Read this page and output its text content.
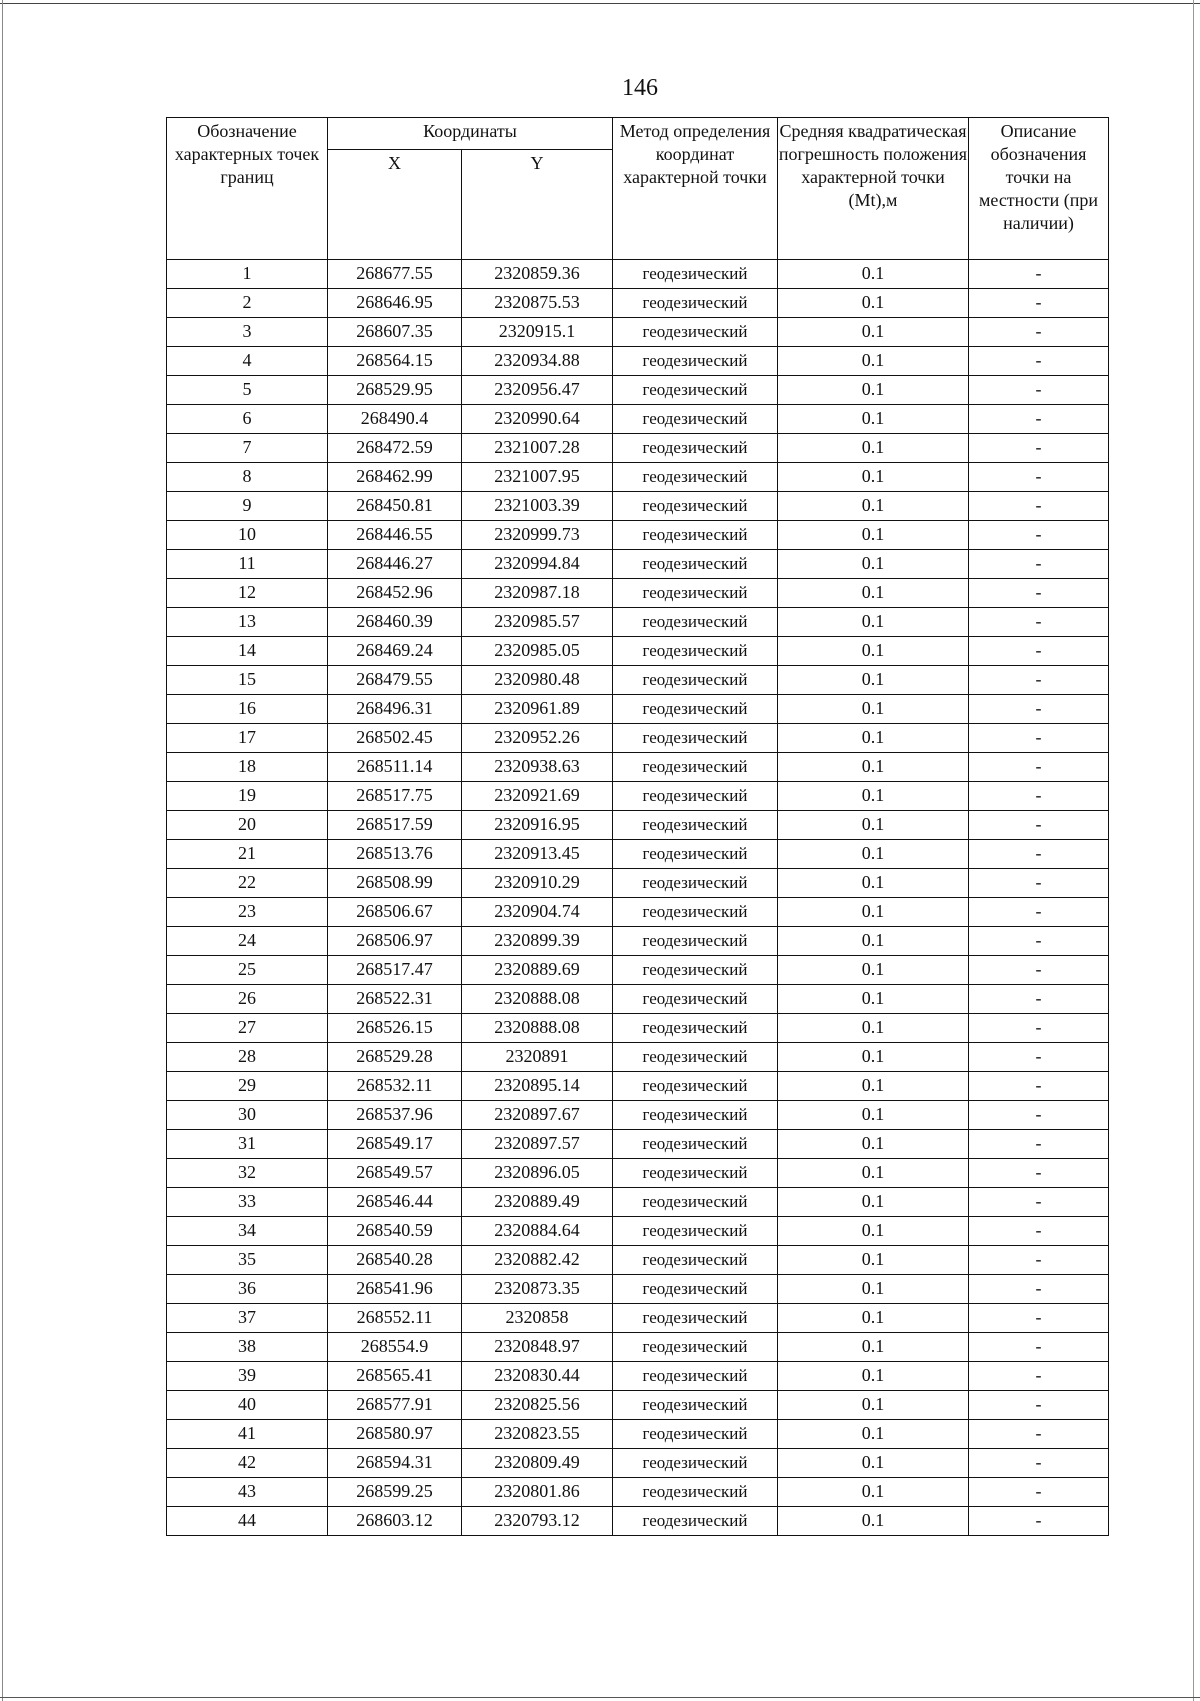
146
Обозначение характерных точек границ	Координаты		Метод определения координат характерной точки	Средняя квадратическая погрешность положения характерной точки (Mt),м	Описание обозначения точки на местности (при наличии)
	X	Y			
1	268677.55	2320859.36	геодезический	0.1	-
2	268646.95	2320875.53	геодезический	0.1	-
3	268607.35	2320915.1	геодезический	0.1	-
4	268564.15	2320934.88	геодезический	0.1	-
5	268529.95	2320956.47	геодезический	0.1	-
6	268490.4	2320990.64	геодезический	0.1	-
7	268472.59	2321007.28	геодезический	0.1	-
8	268462.99	2321007.95	геодезический	0.1	-
9	268450.81	2321003.39	геодезический	0.1	-
10	268446.55	2320999.73	геодезический	0.1	-
11	268446.27	2320994.84	геодезический	0.1	-
12	268452.96	2320987.18	геодезический	0.1	-
13	268460.39	2320985.57	геодезический	0.1	-
14	268469.24	2320985.05	геодезический	0.1	-
15	268479.55	2320980.48	геодезический	0.1	-
16	268496.31	2320961.89	геодезический	0.1	-
17	268502.45	2320952.26	геодезический	0.1	-
18	268511.14	2320938.63	геодезический	0.1	-
19	268517.75	2320921.69	геодезический	0.1	-
20	268517.59	2320916.95	геодезический	0.1	-
21	268513.76	2320913.45	геодезический	0.1	-
22	268508.99	2320910.29	геодезический	0.1	-
23	268506.67	2320904.74	геодезический	0.1	-
24	268506.97	2320899.39	геодезический	0.1	-
25	268517.47	2320889.69	геодезический	0.1	-
26	268522.31	2320888.08	геодезический	0.1	-
27	268526.15	2320888.08	геодезический	0.1	-
28	268529.28	2320891	геодезический	0.1	-
29	268532.11	2320895.14	геодезический	0.1	-
30	268537.96	2320897.67	геодезический	0.1	-
31	268549.17	2320897.57	геодезический	0.1	-
32	268549.57	2320896.05	геодезический	0.1	-
33	268546.44	2320889.49	геодезический	0.1	-
34	268540.59	2320884.64	геодезический	0.1	-
35	268540.28	2320882.42	геодезический	0.1	-
36	268541.96	2320873.35	геодезический	0.1	-
37	268552.11	2320858	геодезический	0.1	-
38	268554.9	2320848.97	геодезический	0.1	-
39	268565.41	2320830.44	геодезический	0.1	-
40	268577.91	2320825.56	геодезический	0.1	-
41	268580.97	2320823.55	геодезический	0.1	-
42	268594.31	2320809.49	геодезический	0.1	-
43	268599.25	2320801.86	геодезический	0.1	-
44	268603.12	2320793.12	геодезический	0.1	-
